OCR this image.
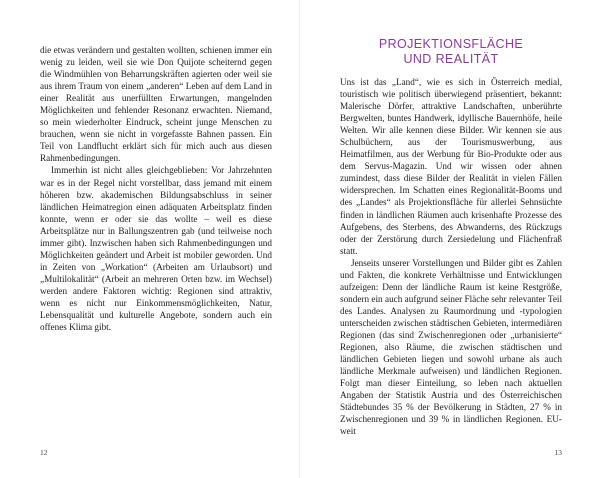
die etwas verändern und gestalten wollten, schienen immer ein wenig zu leiden, weil sie wie Don Quijote scheiternd gegen die Windmühlen von Beharrungskräften agierten oder weil sie aus ihrem Traum von einem „anderen“ Leben auf dem Land in einer Realität aus unerfüllten Erwartungen, mangelnden Möglichkeiten und fehlender Resonanz erwachten. Niemand, so mein wiederholter Eindruck, scheint junge Menschen zu brauchen, wenn sie nicht in vorgefasste Bahnen passen. Ein Teil von Landflucht erklärt sich für mich auch aus diesen Rahmenbedingungen.

Immerhin ist nicht alles gleichgeblieben: Vor Jahrzehnten war es in der Regel nicht vorstellbar, dass jemand mit einem höheren bzw. akademischen Bildungsabschluss in seiner ländlichen Heimatregion einen adäquaten Arbeitsplatz finden konnte, wenn er oder sie das wollte – weil es diese Arbeitsplätze nur in Ballungszentren gab (und teilweise noch immer gibt). Inzwischen haben sich Rahmenbedingungen und Möglichkeiten geändert und Arbeit ist mobiler geworden. Und in Zeiten von „Workation“ (Arbeiten am Urlaubsort) und „Multilokalität“ (Arbeit an mehreren Orten bzw. im Wechsel) werden andere Faktoren wichtig: Regionen sind attraktiv, wenn es nicht nur Einkommensmöglichkeiten, Natur, Lebensqualität und kulturelle Angebote, sondern auch ein offenes Klima gibt.

12
PROJEKTIONSFLÄCHE
UND REALITÄT

Uns ist das „Land“, wie es sich in Österreich medial, touristisch wie politisch überwiegend präsentiert, bekannt: Malerische Dörfer, attraktive Landschaften, unberührte Bergwelten, buntes Handwerk, idyllische Bauernhöfe, heile Welten. Wir alle kennen diese Bilder. Wir kennen sie aus Schulbüchern, aus der Tourismuswerbung, aus Heimatfilmen, aus der Werbung für Bio-Produkte oder aus dem Servus-Magazin. Und wir wissen oder ahnen zumindest, dass diese Bilder der Realität in vielen Fällen widersprechen. Im Schatten eines Regionalität-Booms und des „Landes“ als Projektionsfläche für allerlei Sehnsüchte finden in ländlichen Räumen auch krisenhafte Prozesse des Aufgebens, des Sterbens, des Abwanderns, des Rückzugs oder der Zerstörung durch Zersiedelung und Flächenfraß statt.

Jenseits unserer Vorstellungen und Bilder gibt es Zahlen und Fakten, die konkrete Verhältnisse und Entwicklungen aufzeigen: Denn der ländliche Raum ist keine Restgröße, sondern ein auch aufgrund seiner Fläche sehr relevanter Teil des Landes. Analysen zu Raumordnung und -typologien unterscheiden zwischen städtischen Gebieten, intermediären Regionen (das sind Zwischenregionen oder „urbanisierte“ Regionen, also Räume, die zwischen städtischen und ländlichen Gebieten liegen und sowohl urbane als auch ländliche Merkmale aufweisen) und ländlichen Regionen. Folgt man dieser Einteilung, so leben nach aktuellen Angaben der Statistik Austria und des Österreichischen Städtebundes 35 % der Bevölkerung in Städten, 27 % in Zwischenregionen und 39 % in ländlichen Regionen. EU-weit

13
